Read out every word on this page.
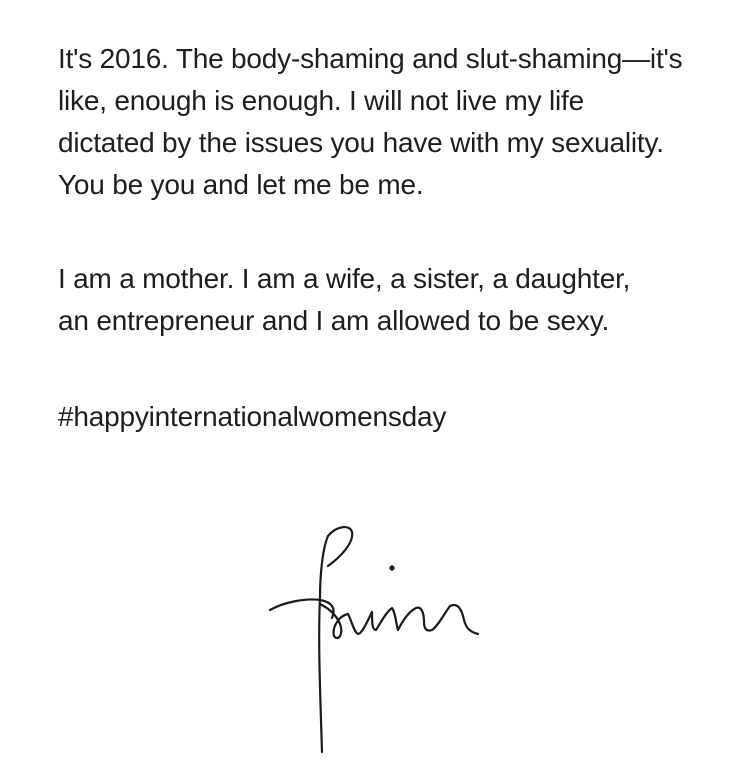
It's 2016. The body-shaming and slut-shaming—it's
like, enough is enough. I will not live my life
dictated by the issues you have with my sexuality.
You be you and let me be me.

I am a mother. I am a wife, a sister, a daughter,
an entrepreneur and I am allowed to be sexy.

#happyinternationalwomensday
